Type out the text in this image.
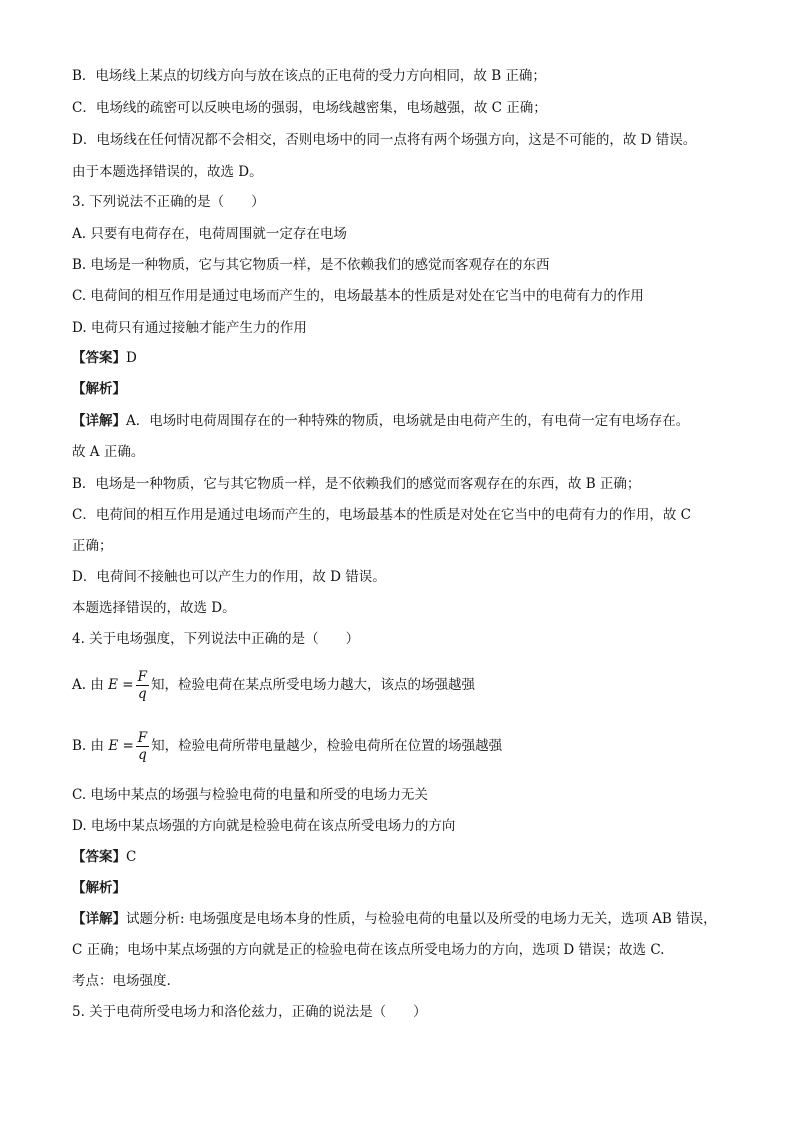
B．电场线上某点的切线方向与放在该点的正电荷的受力方向相同，故 B 正确；
C．电场线的疏密可以反映电场的强弱，电场线越密集，电场越强，故 C 正确；
D．电场线在任何情况都不会相交，否则电场中的同一点将有两个场强方向，这是不可能的，故 D 错误。
由于本题选择错误的，故选 D。
3. 下列说法不正确的是（　　）
A. 只要有电荷存在，电荷周围就一定存在电场
B. 电场是一种物质，它与其它物质一样，是不依赖我们的感觉而客观存在的东西
C. 电荷间的相互作用是通过电场而产生的，电场最基本的性质是对处在它当中的电荷有力的作用
D. 电荷只有通过接触才能产生力的作用
【答案】D
【解析】
【详解】A．电场时电荷周围存在的一种特殊的物质，电场就是由电荷产生的，有电荷一定有电场存在。
故 A 正确。
B．电场是一种物质，它与其它物质一样，是不依赖我们的感觉而客观存在的东西，故 B 正确；
C．电荷间的相互作用是通过电场而产生的，电场最基本的性质是对处在它当中的电荷有力的作用，故 C
正确；
D．电荷间不接触也可以产生力的作用，故 D 错误。
本题选择错误的，故选 D。
4. 关于电场强度，下列说法中正确的是（　　）
A. 由 $E = \frac{F}{q}$ 知，检验电荷在某点所受电场力越大，该点的场强越强
B. 由 $E = \frac{F}{q}$ 知，检验电荷所带电量越少，检验电荷所在位置的场强越强
C. 电场中某点的场强与检验电荷的电量和所受的电场力无关
D. 电场中某点场强的方向就是检验电荷在该点所受电场力的方向
【答案】C
【解析】
【详解】试题分析: 电场强度是电场本身的性质，与检验电荷的电量以及所受的电场力无关，选项 AB 错误，
C 正确；电场中某点场强的方向就是正的检验电荷在该点所受电场力的方向，选项 D 错误；故选 C.
考点：电场强度.
5. 关于电荷所受电场力和洛伦兹力，正确的说法是（　　）
